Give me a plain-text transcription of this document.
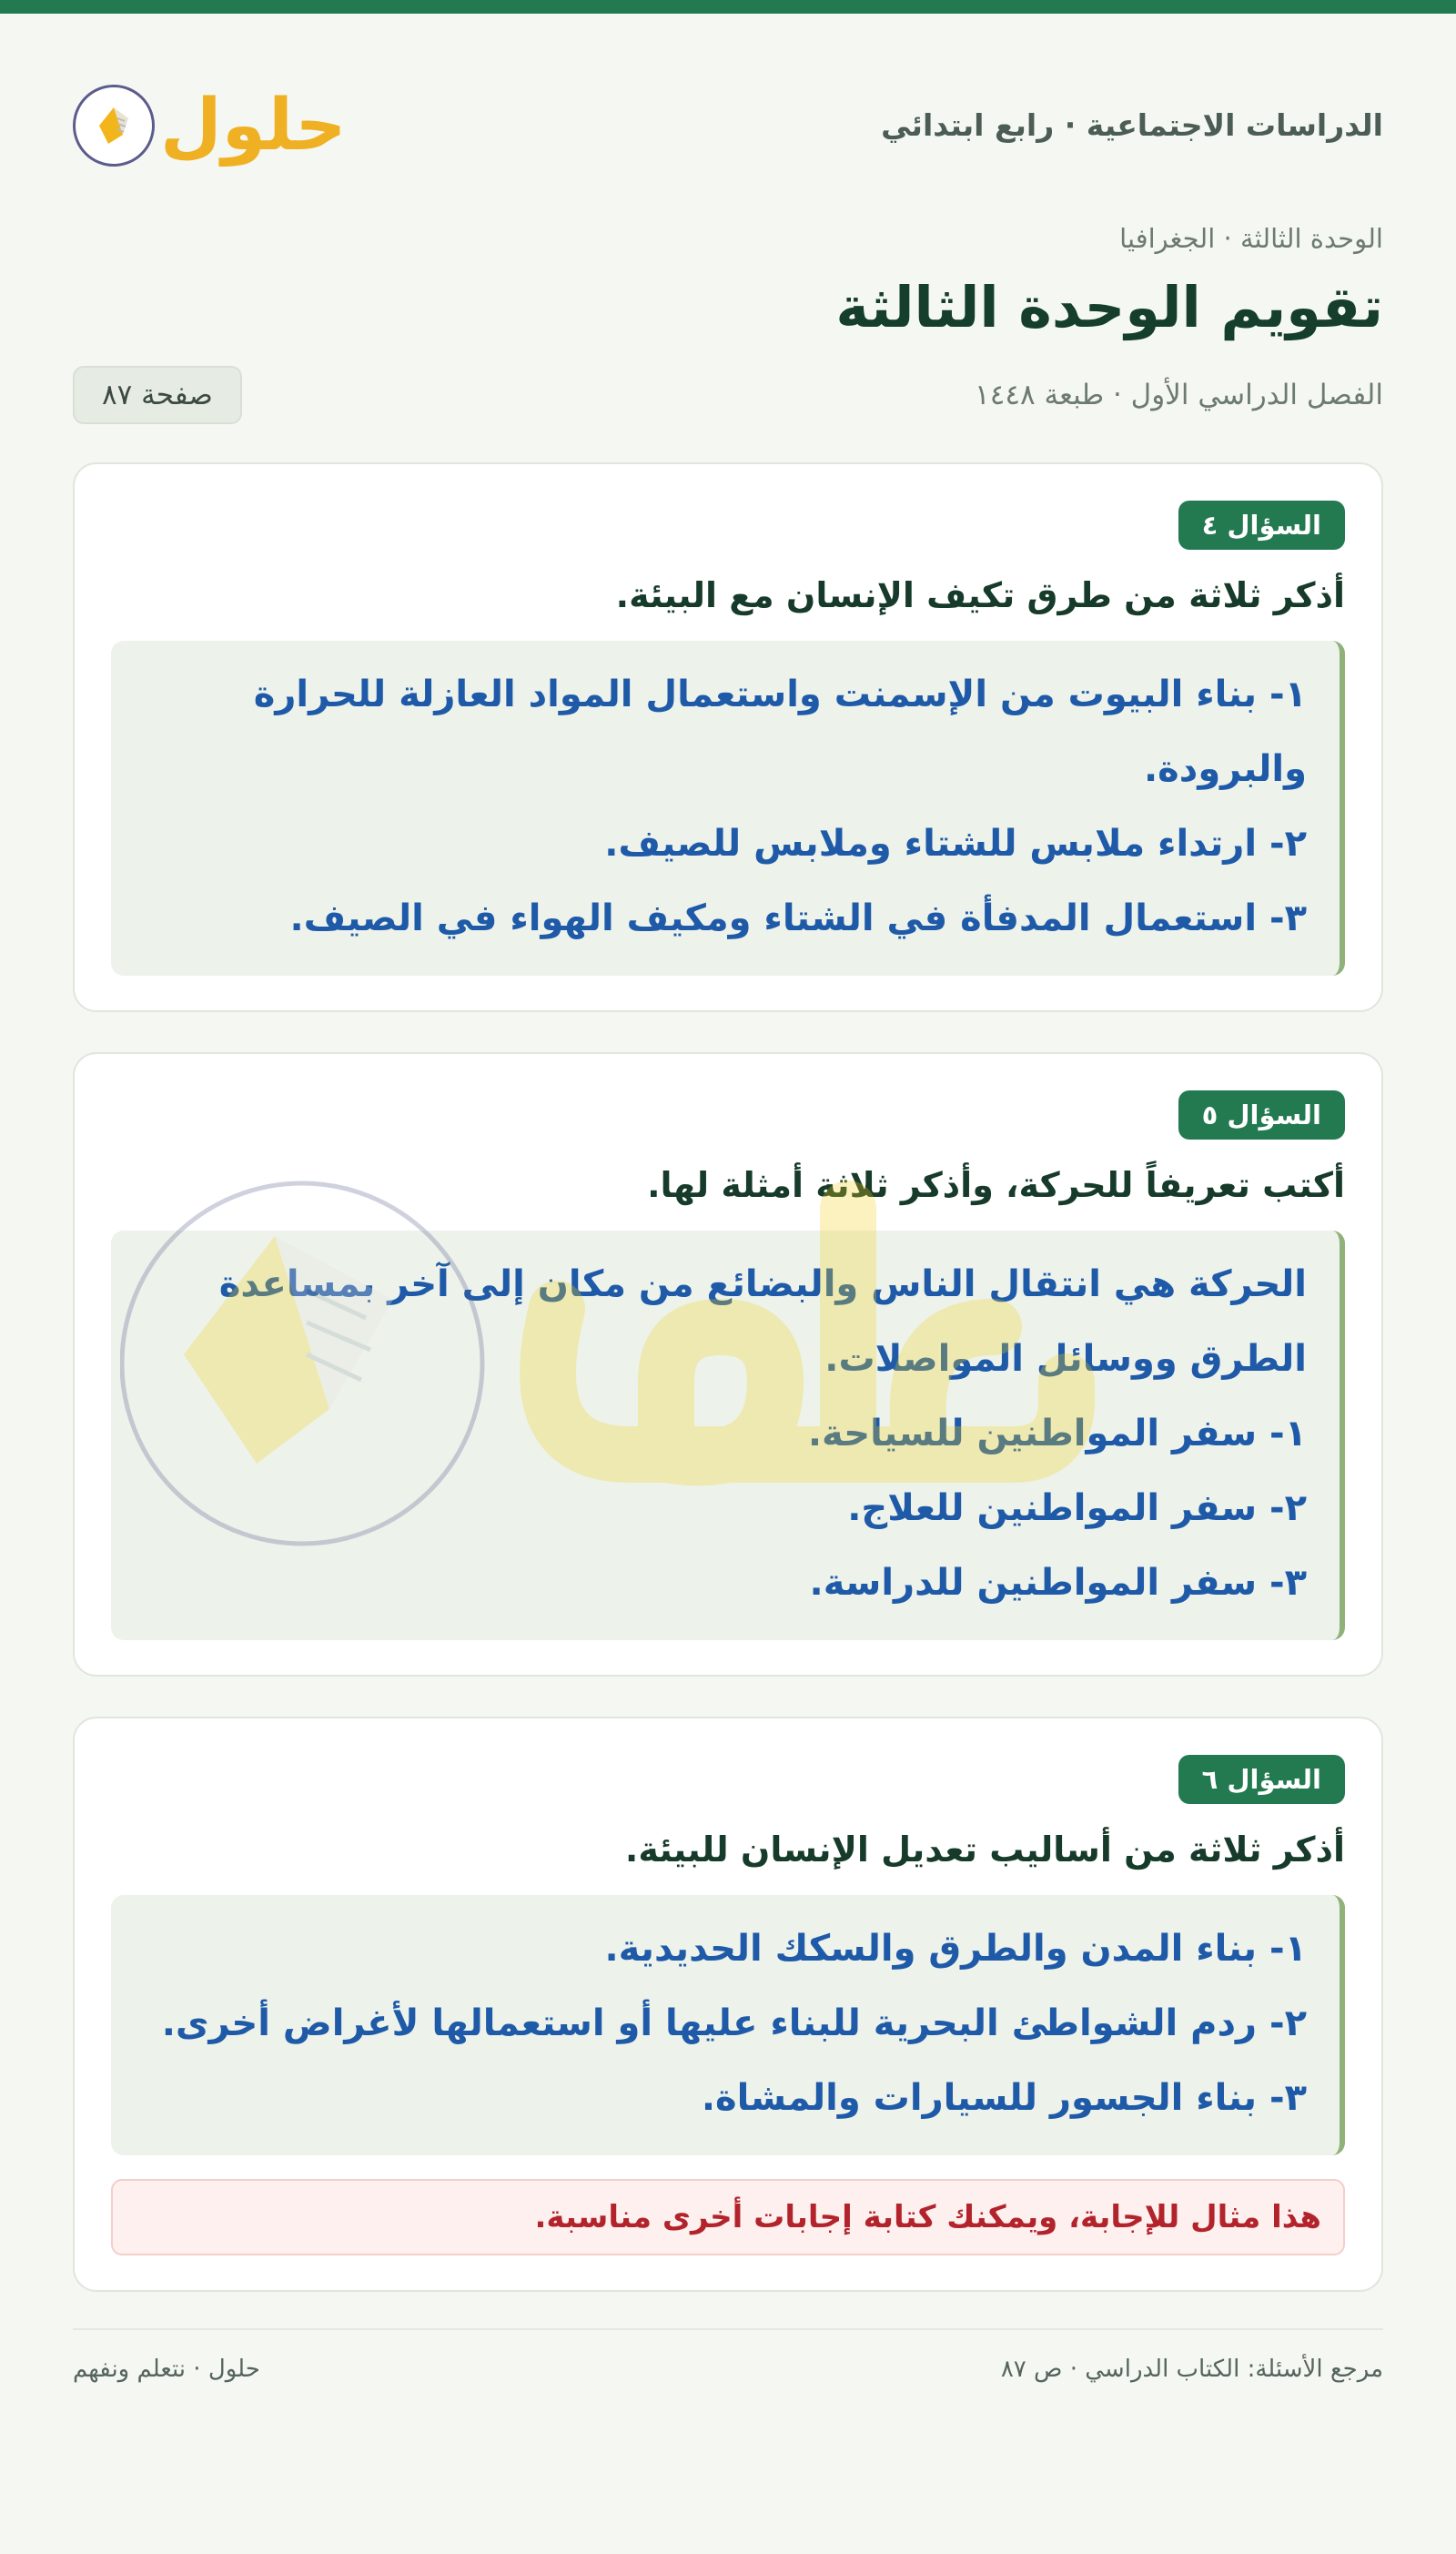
الدراسات الاجتماعية · رابع ابتدائي
حلول
الوحدة الثالثة · الجغرافيا
تقويم الوحدة الثالثة
الفصل الدراسي الأول · طبعة ١٤٤٨
صفحة ٨٧
السؤال ٤
أذكر ثلاثة من طرق تكيف الإنسان مع البيئة.

١- بناء البيوت من الإسمنت واستعمال المواد العازلة للحرارة والبرودة.

٢- ارتداء ملابس للشتاء وملابس للصيف.

٣- استعمال المدفأة في الشتاء ومكيف الهواء في الصيف.

السؤال ٥
أكتب تعريفاً للحركة، وأذكر ثلاثة أمثلة لها.

الحركة هي انتقال الناس والبضائع من مكان إلى آخر بمساعدة الطرق ووسائل المواصلات.

١- سفر المواطنين للسياحة.

٢- سفر المواطنين للعلاج.

٣- سفر المواطنين للدراسة.

السؤال ٦
أذكر ثلاثة من أساليب تعديل الإنسان للبيئة.

١- بناء المدن والطرق والسكك الحديدية.

٢- ردم الشواطئ البحرية للبناء عليها أو استعمالها لأغراض أخرى.

٣- بناء الجسور للسيارات والمشاة.

هذا مثال للإجابة، ويمكنك كتابة إجابات أخرى مناسبة.
مرجع الأسئلة: الكتاب الدراسي · ص ٨٧
حلول · نتعلم ونفهم
